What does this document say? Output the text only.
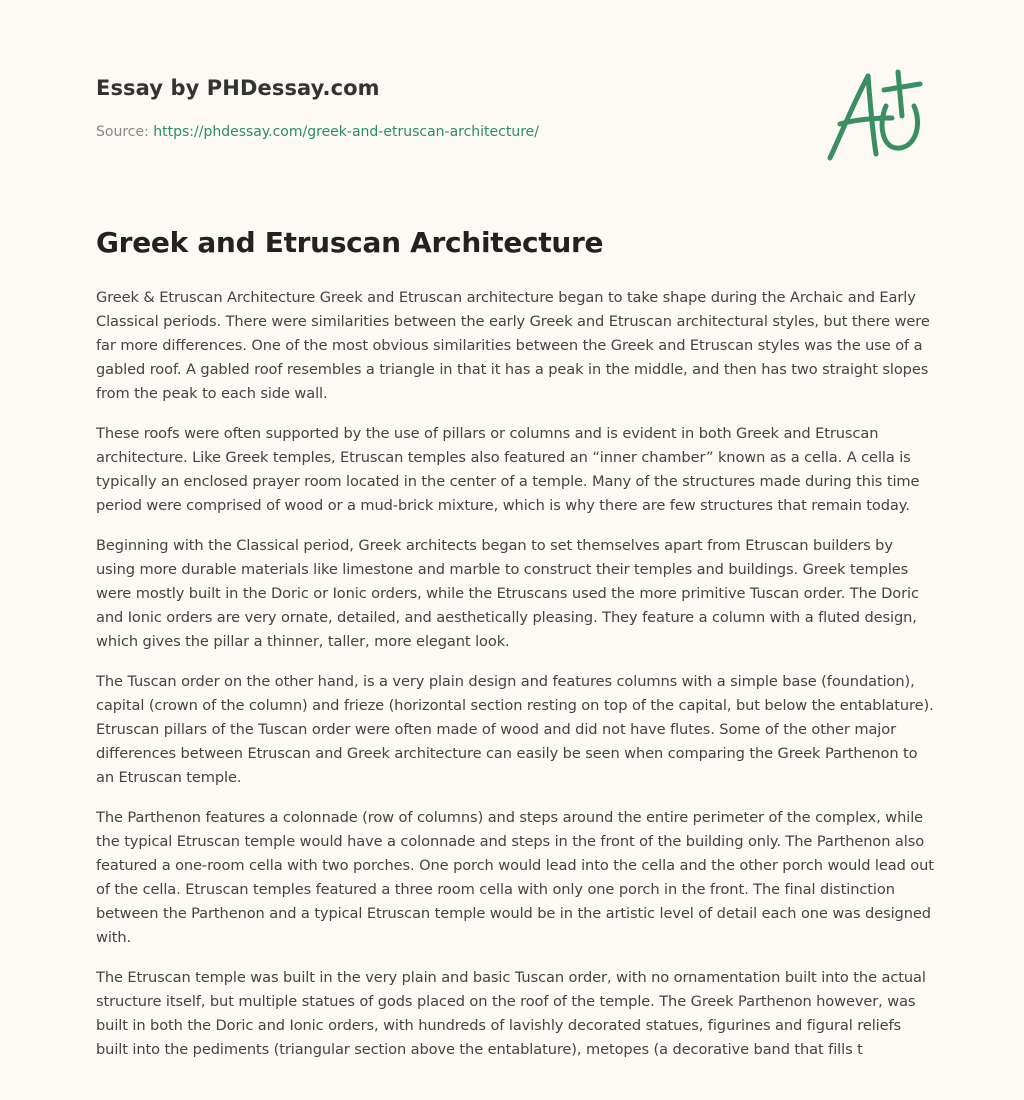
Essay by PHDessay.com
Source: https://phdessay.com/greek-and-etruscan-architecture/
Greek and Etruscan Architecture

Greek & Etruscan Architecture Greek and Etruscan architecture began to take shape during the Archaic and Early Classical periods. There were similarities between the early Greek and Etruscan architectural styles, but there were far more differences. One of the most obvious similarities between the Greek and Etruscan styles was the use of a gabled roof. A gabled roof resembles a triangle in that it has a peak in the middle, and then has two straight slopes from the peak to each side wall.

These roofs were often supported by the use of pillars or columns and is evident in both Greek and Etruscan architecture. Like Greek temples, Etruscan temples also featured an “inner chamber” known as a cella. A cella is typically an enclosed prayer room located in the center of a temple. Many of the structures made during this time period were comprised of wood or a mud-brick mixture, which is why there are few structures that remain today.

Beginning with the Classical period, Greek architects began to set themselves apart from Etruscan builders by using more durable materials like limestone and marble to construct their temples and buildings. Greek temples were mostly built in the Doric or Ionic orders, while the Etruscans used the more primitive Tuscan order. The Doric and Ionic orders are very ornate, detailed, and aesthetically pleasing. They feature a column with a fluted design, which gives the pillar a thinner, taller, more elegant look.

The Tuscan order on the other hand, is a very plain design and features columns with a simple base (foundation), capital (crown of the column) and frieze (horizontal section resting on top of the capital, but below the entablature). Etruscan pillars of the Tuscan order were often made of wood and did not have flutes. Some of the other major differences between Etruscan and Greek architecture can easily be seen when comparing the Greek Parthenon to an Etruscan temple.

The Parthenon features a colonnade (row of columns) and steps around the entire perimeter of the complex, while the typical Etruscan temple would have a colonnade and steps in the front of the building only. The Parthenon also featured a one-room cella with two porches. One porch would lead into the cella and the other porch would lead out of the cella. Etruscan temples featured a three room cella with only one porch in the front. The final distinction between the Parthenon and a typical Etruscan temple would be in the artistic level of detail each one was designed with.

The Etruscan temple was built in the very plain and basic Tuscan order, with no ornamentation built into the actual structure itself, but multiple statues of gods placed on the roof of the temple. The Greek Parthenon however, was built in both the Doric and Ionic orders, with hundreds of lavishly decorated statues, figurines and figural reliefs built into the pediments (triangular section above the entablature), metopes (a decorative band that fills t
